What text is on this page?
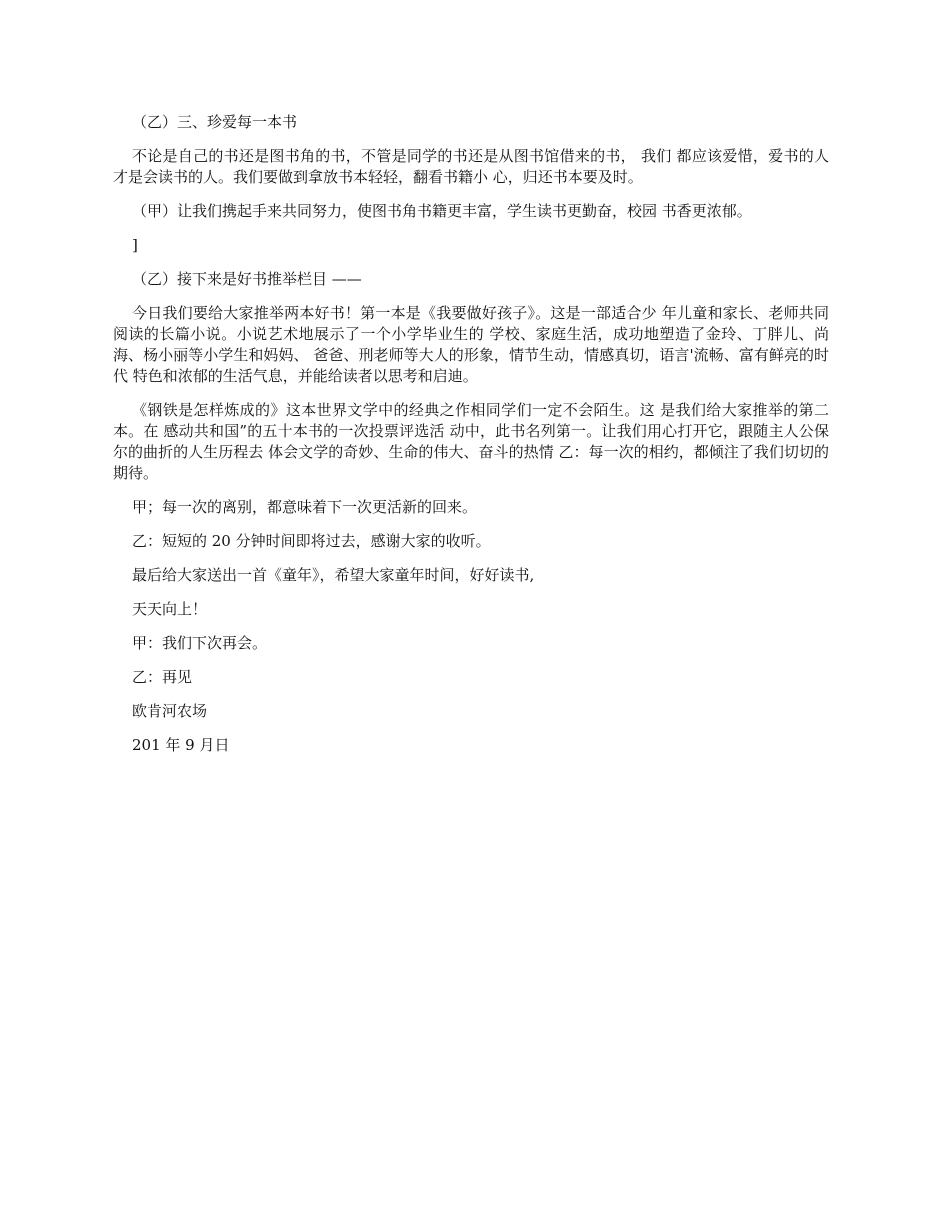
（乙）三、珍爱每一本书

不论是自己的书还是图书角的书，不管是同学的书还是从图书馆借来的书， 我们 都应该爱惜，爱书的人才是会读书的人。我们要做到拿放书本轻轻，翻看书籍小 心，归还书本要及时。

（甲）让我们携起手来共同努力，使图书角书籍更丰富，学生读书更勤奋，校园 书香更浓郁。

]

（乙）接下来是好书推举栏目 ——

今日我们要给大家推举两本好书！第一本是《我要做好孩子》。这是一部适合少 年儿童和家长、老师共同阅读的长篇小说。小说艺术地展示了一个小学毕业生的 学校、家庭生活，成功地塑造了金玲、丁胖儿、尚海、杨小丽等小学生和妈妈、 爸爸、刑老师等大人的形象，情节生动，情感真切，语言'流畅、富有鲜亮的时代 特色和浓郁的生活气息，并能给读者以思考和启迪。

《钢铁是怎样炼成的》这本世界文学中的经典之作相同学们一定不会陌生。这 是我们给大家推举的第二本。在 感动共和国”的五十本书的一次投票评选活 动中，此书名列第一。让我们用心打开它，跟随主人公保尔的曲折的人生历程去 体会文学的奇妙、生命的伟大、奋斗的热情 乙：每一次的相约，都倾注了我们切切的期待。

甲；每一次的离别，都意味着下一次更活新的回来。

乙：短短的 20 分钟时间即将过去，感谢大家的收听。

最后给大家送出一首《童年》，希望大家童年时间，好好读书,

天天向上！

甲：我们下次再会。

乙：再见

欧肯河农场

201 年 9 月日
